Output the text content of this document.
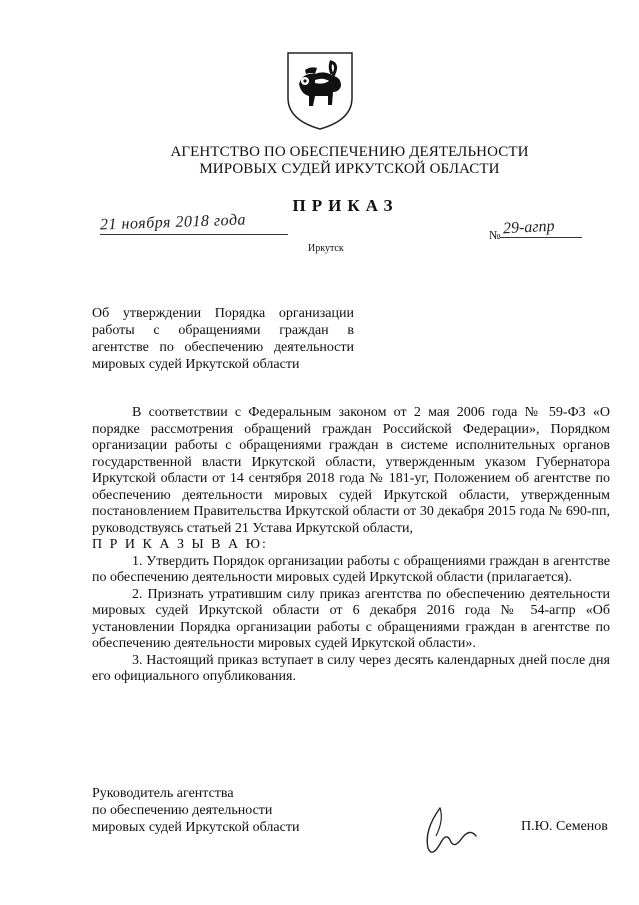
АГЕНТСТВО ПО ОБЕСПЕЧЕНИЮ ДЕЯТЕЛЬНОСТИ
МИРОВЫХ СУДЕЙ ИРКУТСКОЙ ОБЛАСТИ
ПРИКАЗ
21 ноября 2018 года
Иркутск
№ 29-агпр
Об утверждении Порядка организации
работы с обращениями граждан в
агентстве по обеспечению деятельности
мировых судей Иркутской области

В соответствии с Федеральным законом от 2 мая 2006 года № 59-ФЗ «О порядке рассмотрения обращений граждан Российской Федерации», Порядком организации работы с обращениями граждан в системе исполнительных органов государственной власти Иркутской области, утвержденным указом Губернатора Иркутской области от 14 сентября 2018 года № 181-уг, Положением об агентстве по обеспечению деятельности мировых судей Иркутской области, утвержденным постановлением Правительства Иркутской области от 30 декабря 2015 года № 690-пп, руководствуясь статьей 21 Устава Иркутской области,

П Р И К А З Ы В А Ю:

1. Утвердить Порядок организации работы с обращениями граждан в агентстве по обеспечению деятельности мировых судей Иркутской области (прилагается).

2. Признать утратившим силу приказ агентства по обеспечению деятельности мировых судей Иркутской области от 6 декабря 2016 года № 54-агпр «Об установлении Порядка организации работы с обращениями граждан в агентстве по обеспечению деятельности мировых судей Иркутской области».

3. Настоящий приказ вступает в силу через десять календарных дней после дня его официального опубликования.

Руководитель агентства
по обеспечению деятельности
мировых судей Иркутской области	П.Ю. Семенов
